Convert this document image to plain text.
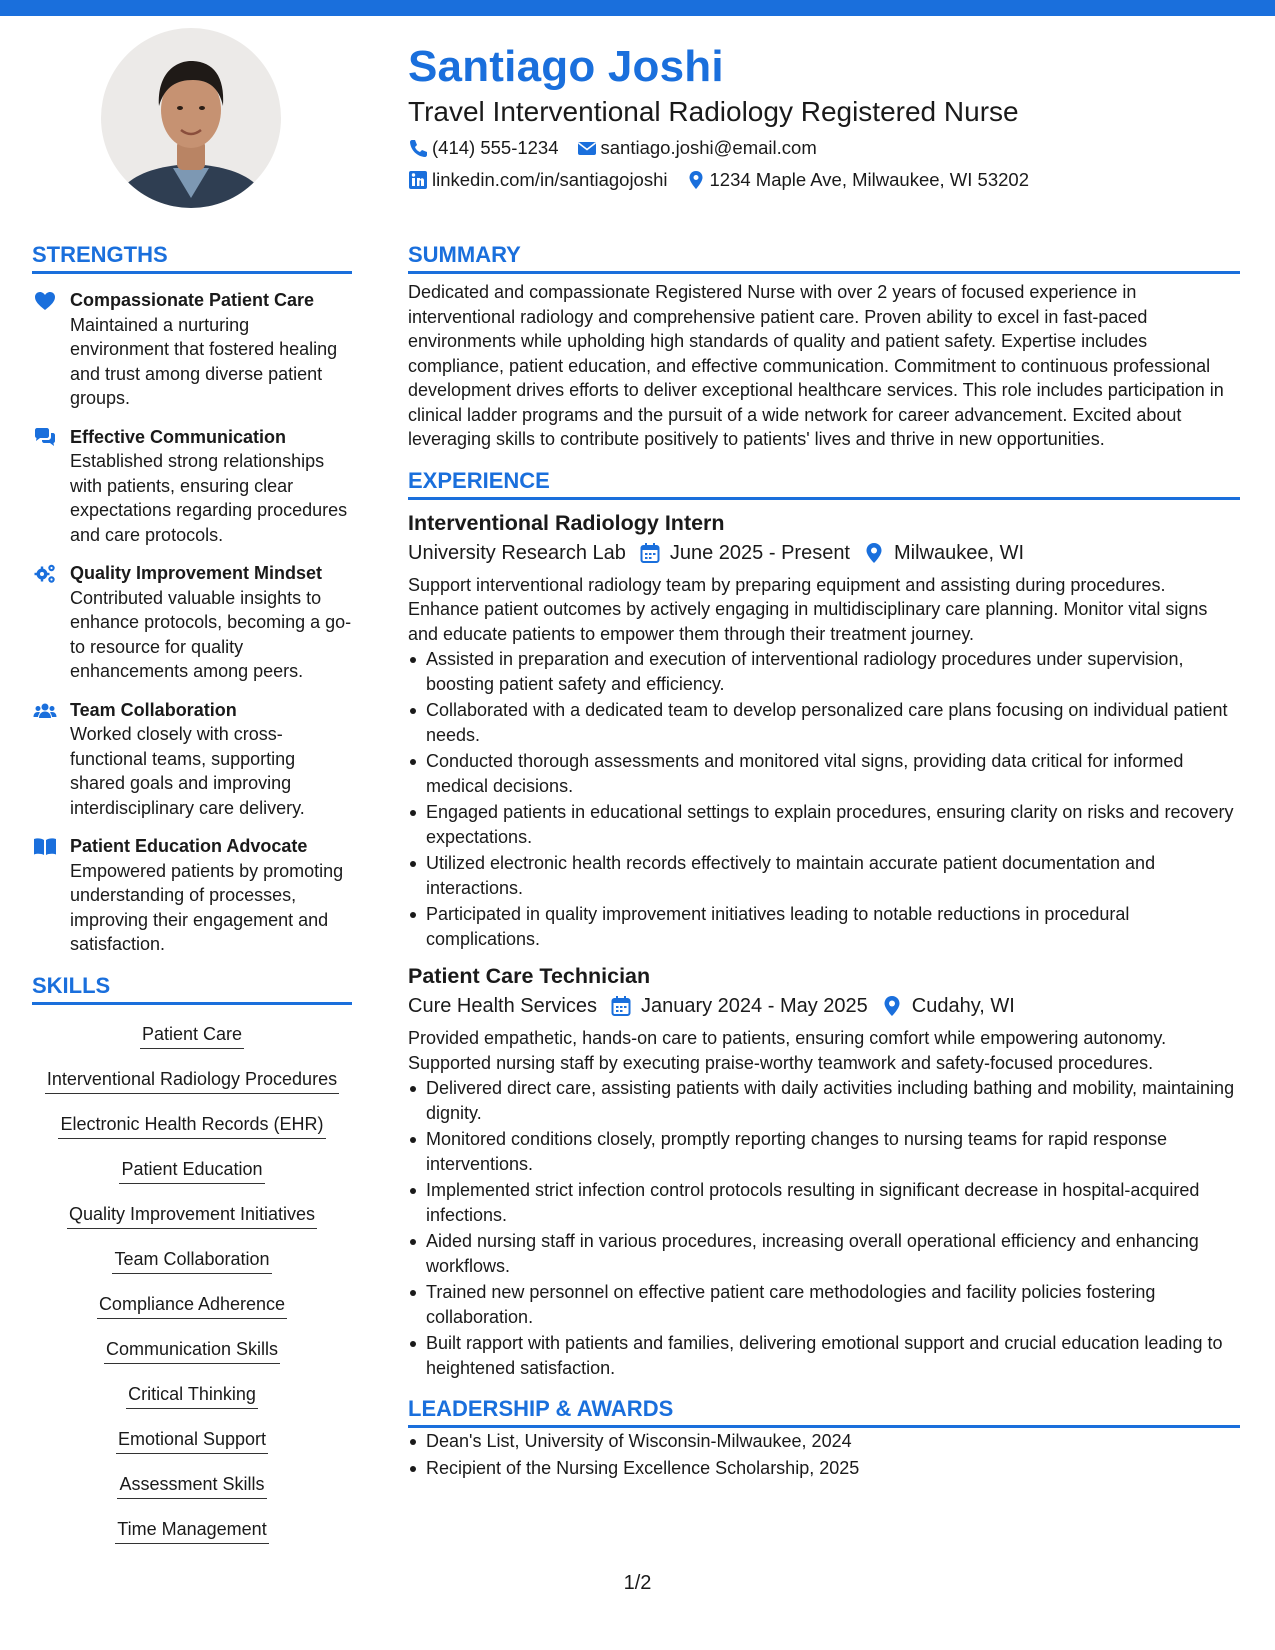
Santiago Joshi
Travel Interventional Radiology Registered Nurse
(414) 555-1234 santiago.joshi@email.com
linkedin.com/in/santiagojoshi 1234 Maple Ave, Milwaukee, WI 53202
STRENGTHS
Compassionate Patient Care
Maintained a nurturing environment that fostered healing and trust among diverse patient groups.
Effective Communication
Established strong relationships with patients, ensuring clear expectations regarding procedures and care protocols.
Quality Improvement Mindset
Contributed valuable insights to enhance protocols, becoming a go-to resource for quality enhancements among peers.
Team Collaboration
Worked closely with cross-functional teams, supporting shared goals and improving interdisciplinary care delivery.
Patient Education Advocate
Empowered patients by promoting understanding of processes, improving their engagement and satisfaction.
SKILLS
Patient Care
Interventional Radiology Procedures
Electronic Health Records (EHR)
Patient Education
Quality Improvement Initiatives
Team Collaboration
Compliance Adherence
Communication Skills
Critical Thinking
Emotional Support
Assessment Skills
Time Management
SUMMARY
Dedicated and compassionate Registered Nurse with over 2 years of focused experience in interventional radiology and comprehensive patient care. Proven ability to excel in fast-paced environments while upholding high standards of quality and patient safety. Expertise includes compliance, patient education, and effective communication. Commitment to continuous professional development drives efforts to deliver exceptional healthcare services. This role includes participation in clinical ladder programs and the pursuit of a wide network for career advancement. Excited about leveraging skills to contribute positively to patients' lives and thrive in new opportunities.
EXPERIENCE
Interventional Radiology Intern
University Research Lab June 2025 - Present Milwaukee, WI
Support interventional radiology team by preparing equipment and assisting during procedures. Enhance patient outcomes by actively engaging in multidisciplinary care planning. Monitor vital signs and educate patients to empower them through their treatment journey.
Assisted in preparation and execution of interventional radiology procedures under supervision, boosting patient safety and efficiency.
Collaborated with a dedicated team to develop personalized care plans focusing on individual patient needs.
Conducted thorough assessments and monitored vital signs, providing data critical for informed medical decisions.
Engaged patients in educational settings to explain procedures, ensuring clarity on risks and recovery expectations.
Utilized electronic health records effectively to maintain accurate patient documentation and interactions.
Participated in quality improvement initiatives leading to notable reductions in procedural complications.
Patient Care Technician
Cure Health Services January 2024 - May 2025 Cudahy, WI
Provided empathetic, hands-on care to patients, ensuring comfort while empowering autonomy. Supported nursing staff by executing praise-worthy teamwork and safety-focused procedures.
Delivered direct care, assisting patients with daily activities including bathing and mobility, maintaining dignity.
Monitored conditions closely, promptly reporting changes to nursing teams for rapid response interventions.
Implemented strict infection control protocols resulting in significant decrease in hospital-acquired infections.
Aided nursing staff in various procedures, increasing overall operational efficiency and enhancing workflows.
Trained new personnel on effective patient care methodologies and facility policies fostering collaboration.
Built rapport with patients and families, delivering emotional support and crucial education leading to heightened satisfaction.
LEADERSHIP & AWARDS
Dean's List, University of Wisconsin-Milwaukee, 2024
Recipient of the Nursing Excellence Scholarship, 2025
1/2
